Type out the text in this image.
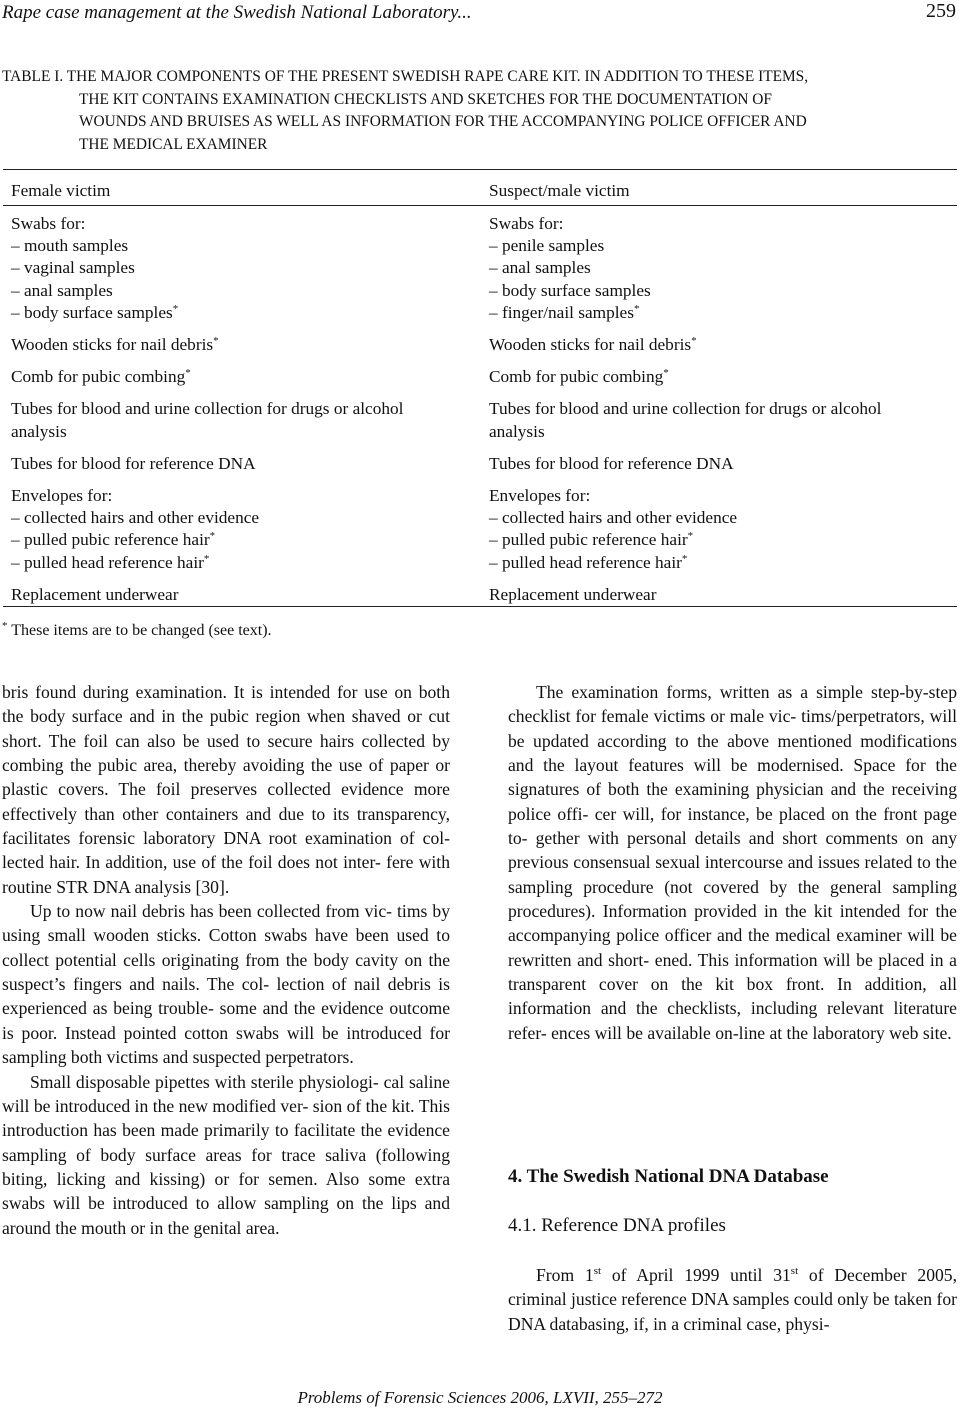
Rape case management at the Swedish National Laboratory...	259
TABLE I. THE MAJOR COMPONENTS OF THE PRESENT SWEDISH RAPE CARE KIT. IN ADDITION TO THESE ITEMS,
THE KIT CONTAINS EXAMINATION CHECKLISTS AND SKETCHES FOR THE DOCUMENTATION OF
WOUNDS AND BRUISES AS WELL AS INFORMATION FOR THE ACCOMPANYING POLICE OFFICER AND
THE MEDICAL EXAMINER
Female victim	Suspect/male victim
Swabs for:
– mouth samples
– vaginal samples
– anal samples
– body surface samples*
Wooden sticks for nail debris*
Comb for pubic combing*
Tubes for blood and urine collection for drugs or alcohol
analysis
Tubes for blood for reference DNA
Envelopes for:
– collected hairs and other evidence
– pulled pubic reference hair*
– pulled head reference hair*
Replacement underwear
Swabs for:
– penile samples
– anal samples
– body surface samples
– finger/nail samples*
Wooden sticks for nail debris*
Comb for pubic combing*
Tubes for blood and urine collection for drugs or alcohol
analysis
Tubes for blood for reference DNA
Envelopes for:
– collected hairs and other evidence
– pulled pubic reference hair*
– pulled head reference hair*
Replacement underwear
* These items are to be changed (see text).

bris found during examination. It is intended for use on both the body surface and in the pubic region when shaved or cut short. The foil can also be used to secure hairs collected by combing the pubic area, thereby avoiding the use of paper or plastic covers. The foil preserves collected evidence more effectively than other containers and due to its transparency, facilitates forensic laboratory DNA root examination of col- lected hair. In addition, use of the foil does not inter- fere with routine STR DNA analysis [30].

Up to now nail debris has been collected from vic- tims by using small wooden sticks. Cotton swabs have been used to collect potential cells originating from the body cavity on the suspect’s fingers and nails. The col- lection of nail debris is experienced as being trouble- some and the evidence outcome is poor. Instead pointed cotton swabs will be introduced for sampling both victims and suspected perpetrators.

Small disposable pipettes with sterile physiologi- cal saline will be introduced in the new modified ver- sion of the kit. This introduction has been made primarily to facilitate the evidence sampling of body surface areas for trace saliva (following biting, licking and kissing) or for semen. Also some extra swabs will be introduced to allow sampling on the lips and around the mouth or in the genital area.

The examination forms, written as a simple step-by-step checklist for female victims or male vic- tims/perpetrators, will be updated according to the above mentioned modifications and the layout features will be modernised. Space for the signatures of both the examining physician and the receiving police offi- cer will, for instance, be placed on the front page to- gether with personal details and short comments on any previous consensual sexual intercourse and issues related to the sampling procedure (not covered by the general sampling procedures). Information provided in the kit intended for the accompanying police officer and the medical examiner will be rewritten and short- ened. This information will be placed in a transparent cover on the kit box front. In addition, all information and the checklists, including relevant literature refer- ences will be available on-line at the laboratory web site.

4. The Swedish National DNA Database
4.1. Reference DNA profiles

From 1st of April 1999 until 31st of December 2005, criminal justice reference DNA samples could only be taken for DNA databasing, if, in a criminal case, physi-

Problems of Forensic Sciences 2006, LXVII, 255–272
